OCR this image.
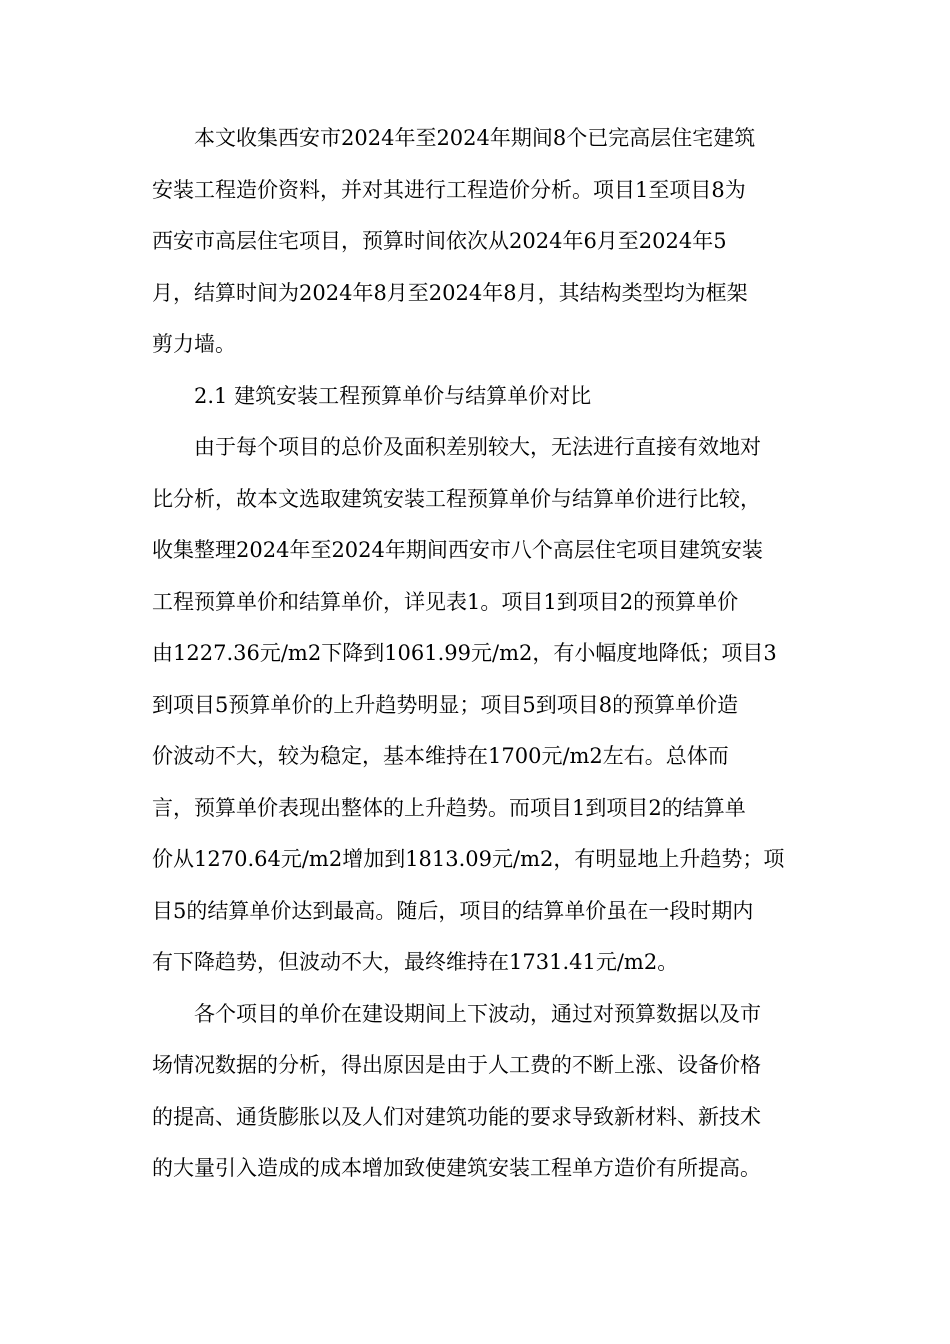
本文收集西安市2024年至2024年期间8个已完高层住宅建筑
安装工程造价资料，并对其进行工程造价分析。项目1至项目8为
西安市高层住宅项目，预算时间依次从2024年6月至2024年5
月，结算时间为2024年8月至2024年8月，其结构类型均为框架
剪力墙。
2.1 建筑安装工程预算单价与结算单价对比
由于每个项目的总价及面积差别较大，无法进行直接有效地对
比分析，故本文选取建筑安装工程预算单价与结算单价进行比较，
收集整理2024年至2024年期间西安市八个高层住宅项目建筑安装
工程预算单价和结算单价，详见表1。项目1到项目2的预算单价
由1227.36元/m2下降到1061.99元/m2，有小幅度地降低；项目3
到项目5预算单价的上升趋势明显；项目5到项目8的预算单价造
价波动不大，较为稳定，基本维持在1700元/m2左右。总体而
言，预算单价表现出整体的上升趋势。而项目1到项目2的结算单
价从1270.64元/m2增加到1813.09元/m2，有明显地上升趋势；项
目5的结算单价达到最高。随后，项目的结算单价虽在一段时期内
有下降趋势，但波动不大，最终维持在1731.41元/m2。
各个项目的单价在建设期间上下波动，通过对预算数据以及市
场情况数据的分析，得出原因是由于人工费的不断上涨、设备价格
的提高、通货膨胀以及人们对建筑功能的要求导致新材料、新技术
的大量引入造成的成本增加致使建筑安装工程单方造价有所提高。
